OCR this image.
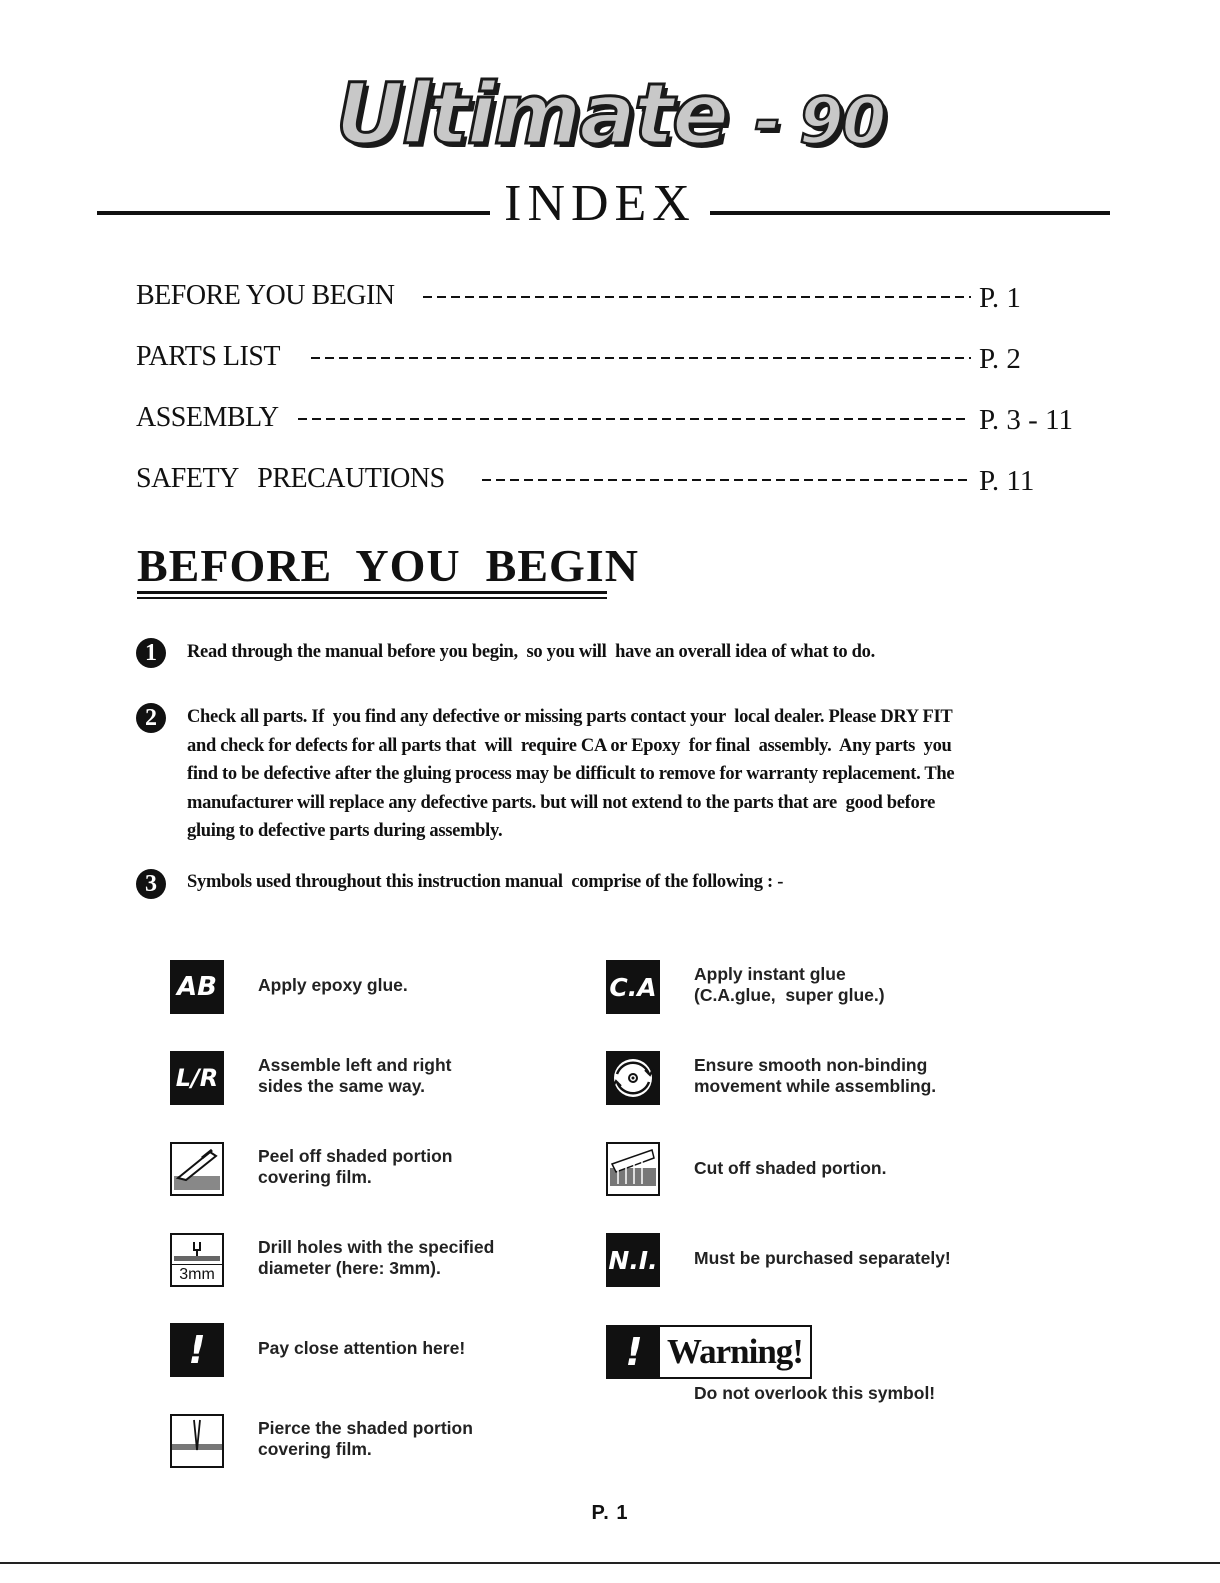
Ultimate - 90
INDEX
BEFORE YOU BEGIN	P. 1
PARTS LIST	P. 2
ASSEMBLY	P. 3 - 11
SAFETY   PRECAUTIONS	P. 11
BEFORE  YOU  BEGIN
1	Read through the manual before you begin,  so you will  have an overall idea of what to do.
2	Check all parts. If  you find any defective or missing parts contact your  local dealer. Please DRY FIT
and check for defects for all parts that  will  require CA or Epoxy  for final  assembly.  Any parts  you
find to be defective after the gluing process may be difficult to remove for warranty replacement. The
manufacturer will replace any defective parts. but will not extend to the parts that are  good before
gluing to defective parts during assembly.
3	Symbols used throughout this instruction manual  comprise of the following : -
AB	Apply epoxy glue.
L/R	Assemble left and right
sides the same way.
Peel off shaded portion
covering film.
3mm
Drill holes with the specified
diameter (here: 3mm).
!	Pay close attention here!
Pierce the shaded portion
covering film.
C.A Apply instant glue
(C.A.glue,  super glue.)
Ensure smooth non-binding
movement while assembling.
Cut off shaded portion.
N.I. Must be purchased separately!
! Warning!
Do not overlook this symbol!
P. 1
